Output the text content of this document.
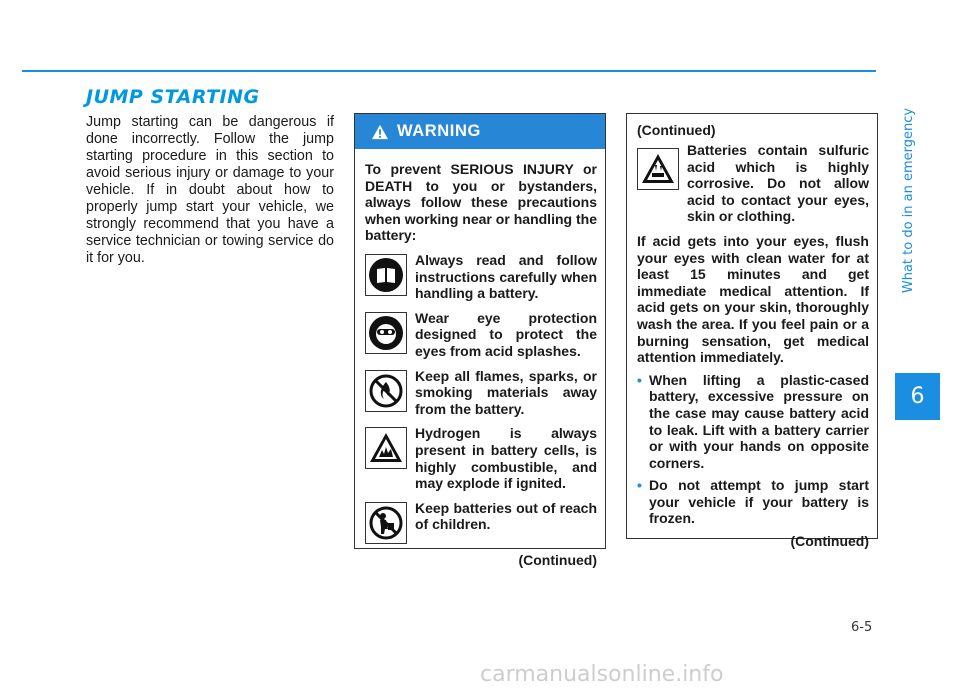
JUMP STARTING

Jump starting can be dangerous if done incorrectly. Follow the jump starting procedure in this section to avoid serious injury or damage to your vehicle. If in doubt about how to properly jump start your vehicle, we strongly recommend that you have a service technician or towing service do it for you.

WARNING

To prevent SERIOUS INJURY or DEATH to you or bystanders, always follow these precautions when working near or handling the battery:

Always read and follow instructions carefully when handling a battery.
Wear eye protection designed to protect the eyes from acid splashes.
Keep all flames, sparks, or smoking materials away from the battery.
Hydrogen is always present in battery cells, is highly combustible, and may explode if ignited.
Keep batteries out of reach of children.
(Continued)

(Continued)

Batteries contain sulfuric acid which is highly corrosive. Do not allow acid to contact your eyes, skin or clothing.

If acid gets into your eyes, flush your eyes with clean water for at least 15 minutes and get immediate medical attention. If acid gets on your skin, thoroughly wash the area. If you feel pain or a burning sensation, get medical attention immediately.

• When lifting a plastic-cased battery, excessive pressure on the case may cause battery acid to leak. Lift with a battery carrier or with your hands on opposite corners.
• Do not attempt to jump start your vehicle if your battery is frozen.
(Continued)
What to do in an emergency
6
6-5
carmanualsonline.info
